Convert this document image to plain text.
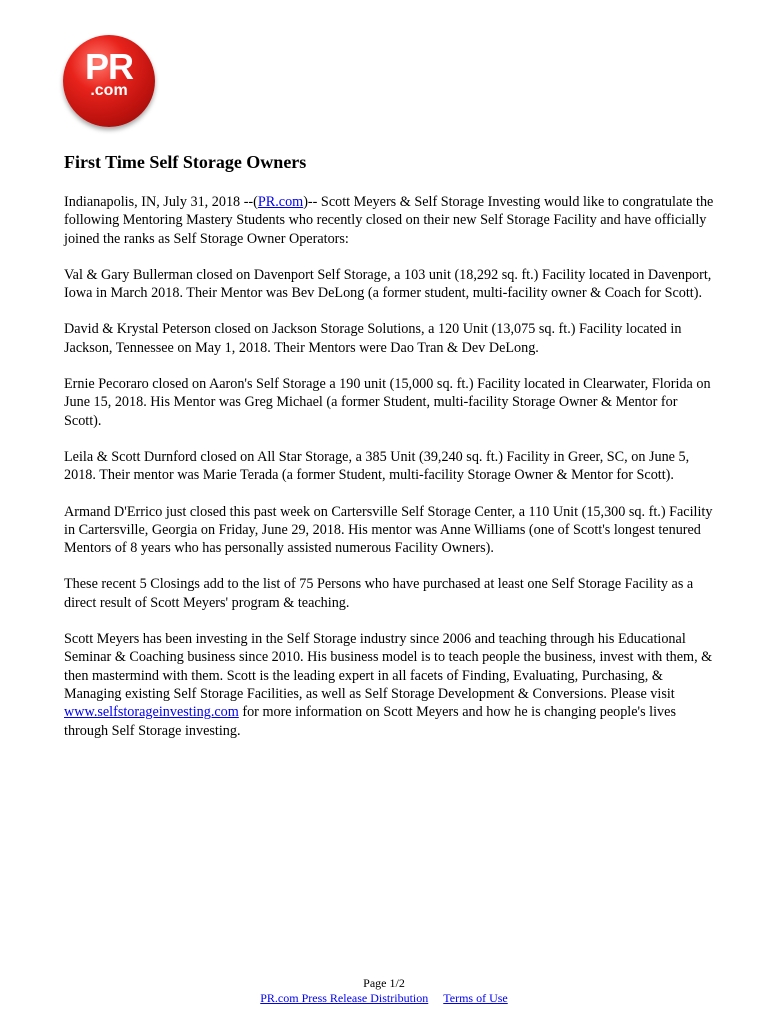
PR
.com
First Time Self Storage Owners

Indianapolis, IN, July 31, 2018 --(PR.com)-- Scott Meyers & Self Storage Investing would like to congratulate the following Mentoring Mastery Students who recently closed on their new Self Storage Facility and have officially joined the ranks as Self Storage Owner Operators:

Val & Gary Bullerman closed on Davenport Self Storage, a 103 unit (18,292 sq. ft.) Facility located in Davenport, Iowa in March 2018. Their Mentor was Bev DeLong (a former student, multi-facility owner & Coach for Scott).

David & Krystal Peterson closed on Jackson Storage Solutions, a 120 Unit (13,075 sq. ft.) Facility located in Jackson, Tennessee on May 1, 2018. Their Mentors were Dao Tran & Dev DeLong.

Ernie Pecoraro closed on Aaron's Self Storage a 190 unit (15,000 sq. ft.) Facility located in Clearwater, Florida on June 15, 2018. His Mentor was Greg Michael (a former Student, multi-facility Storage Owner & Mentor for Scott).

Leila & Scott Durnford closed on All Star Storage, a 385 Unit (39,240 sq. ft.) Facility in Greer, SC, on June 5, 2018. Their mentor was Marie Terada (a former Student, multi-facility Storage Owner & Mentor for Scott).

Armand D'Errico just closed this past week on Cartersville Self Storage Center, a 110 Unit (15,300 sq. ft.) Facility in Cartersville, Georgia on Friday, June 29, 2018. His mentor was Anne Williams (one of Scott's longest tenured Mentors of 8 years who has personally assisted numerous Facility Owners).

These recent 5 Closings add to the list of 75 Persons who have purchased at least one Self Storage Facility as a direct result of Scott Meyers' program & teaching.

Scott Meyers has been investing in the Self Storage industry since 2006 and teaching through his Educational Seminar & Coaching business since 2010. His business model is to teach people the business, invest with them, & then mastermind with them. Scott is the leading expert in all facets of Finding, Evaluating, Purchasing, & Managing existing Self Storage Facilities, as well as Self Storage Development & Conversions. Please visit www.selfstorageinvesting.com for more information on Scott Meyers and how he is changing people's lives through Self Storage investing.

Page 1/2
PR.com Press Release Distribution Terms of Use
